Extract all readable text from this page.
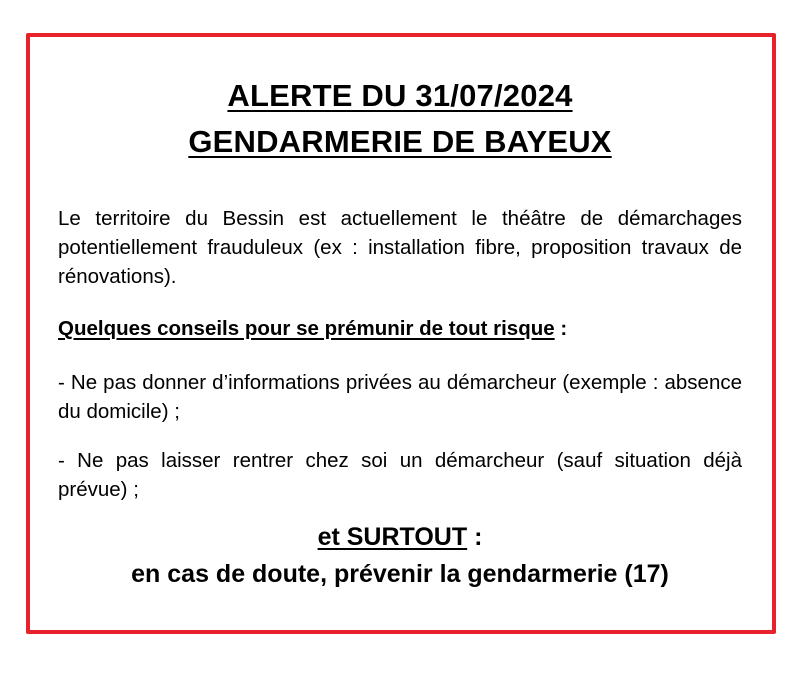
ALERTE DU 31/07/2024
GENDARMERIE DE BAYEUX
Le territoire du Bessin est actuellement le théâtre de démarchages potentiellement frauduleux (ex : installation fibre, proposition travaux de rénovations).
Quelques conseils pour se prémunir de tout risque :
- Ne pas donner d’informations privées au démarcheur (exemple : absence du domicile) ;
- Ne pas laisser rentrer chez soi un démarcheur (sauf situation déjà prévue) ;
et SURTOUT :
en cas de doute, prévenir la gendarmerie (17)
